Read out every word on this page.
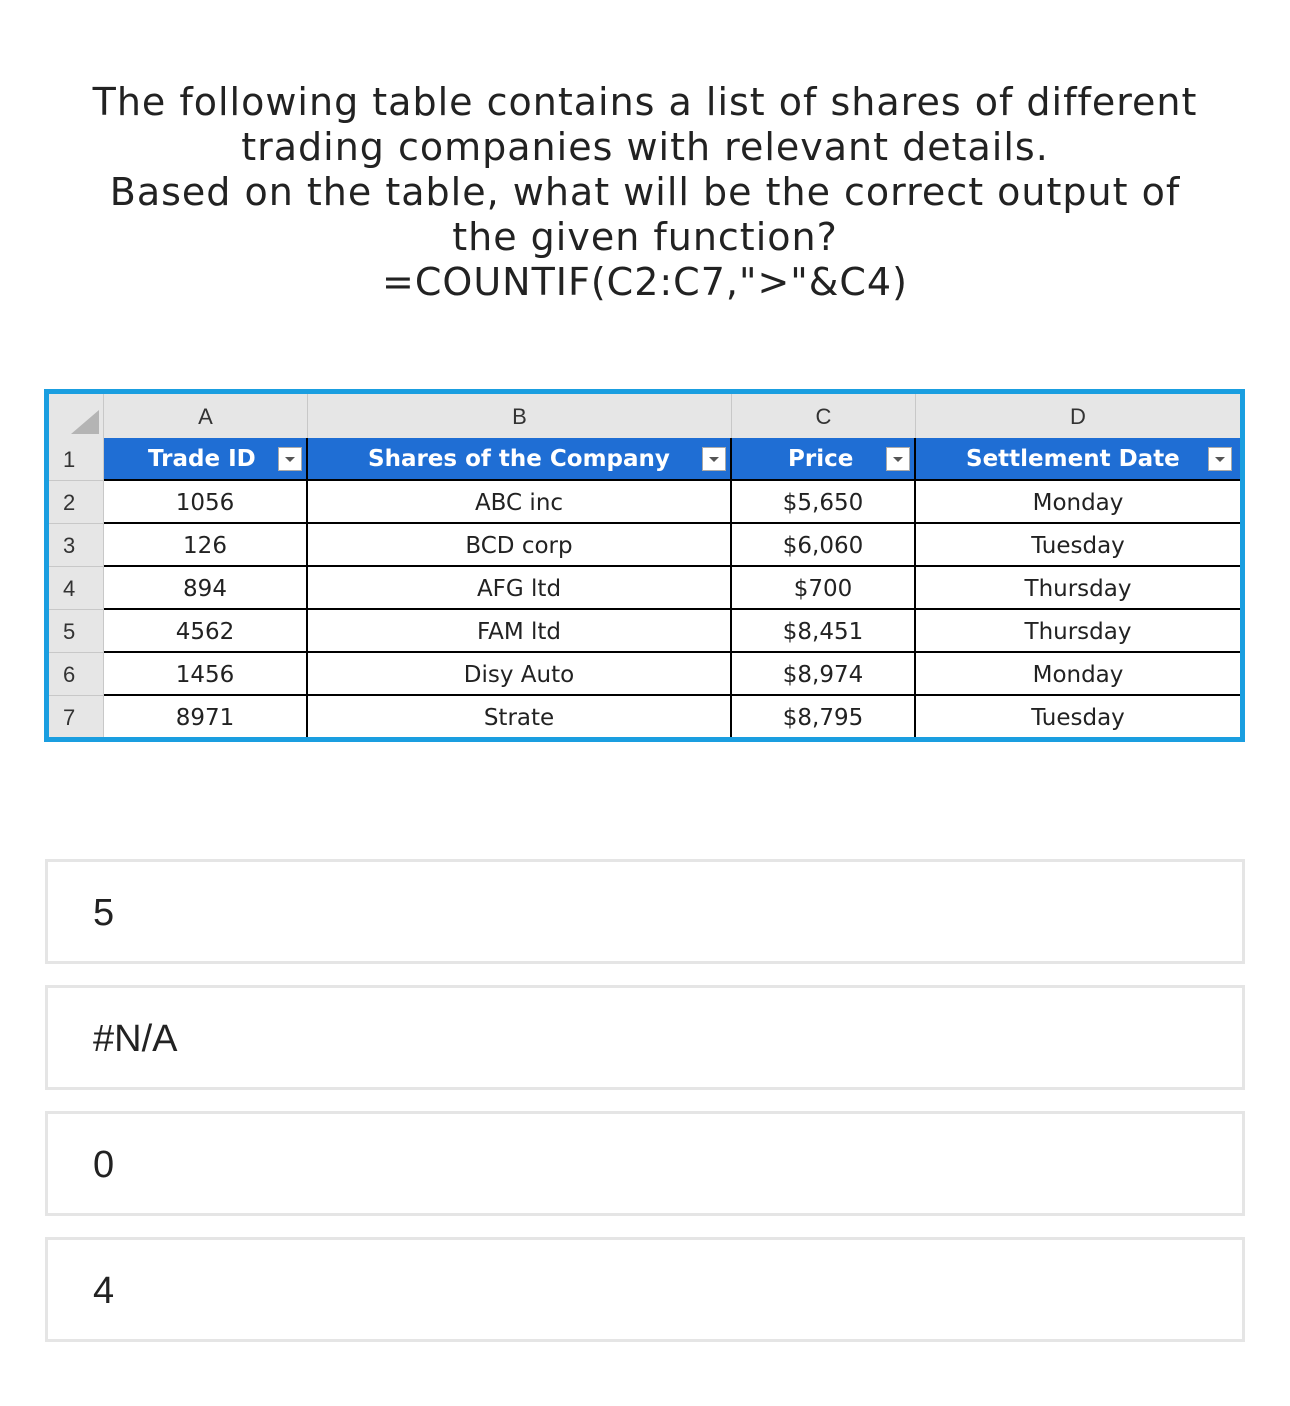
The following table contains a list of shares of different
trading companies with relevant details.
Based on the table, what will be the correct output of
the given function?
=COUNTIF(C2:C7,">"&C4)
A	B	C	D
1
2
3
4
5
6
7
Trade ID	Shares of the Company	Price	Settlement Date
1056	ABC inc	$5,650	Monday
126	BCD corp	$6,060	Tuesday
894	AFG ltd	$700	Thursday
4562	FAM ltd	$8,451	Thursday
1456	Disy Auto	$8,974	Monday
8971	Strate	$8,795	Tuesday
5
#N/A
0
4
